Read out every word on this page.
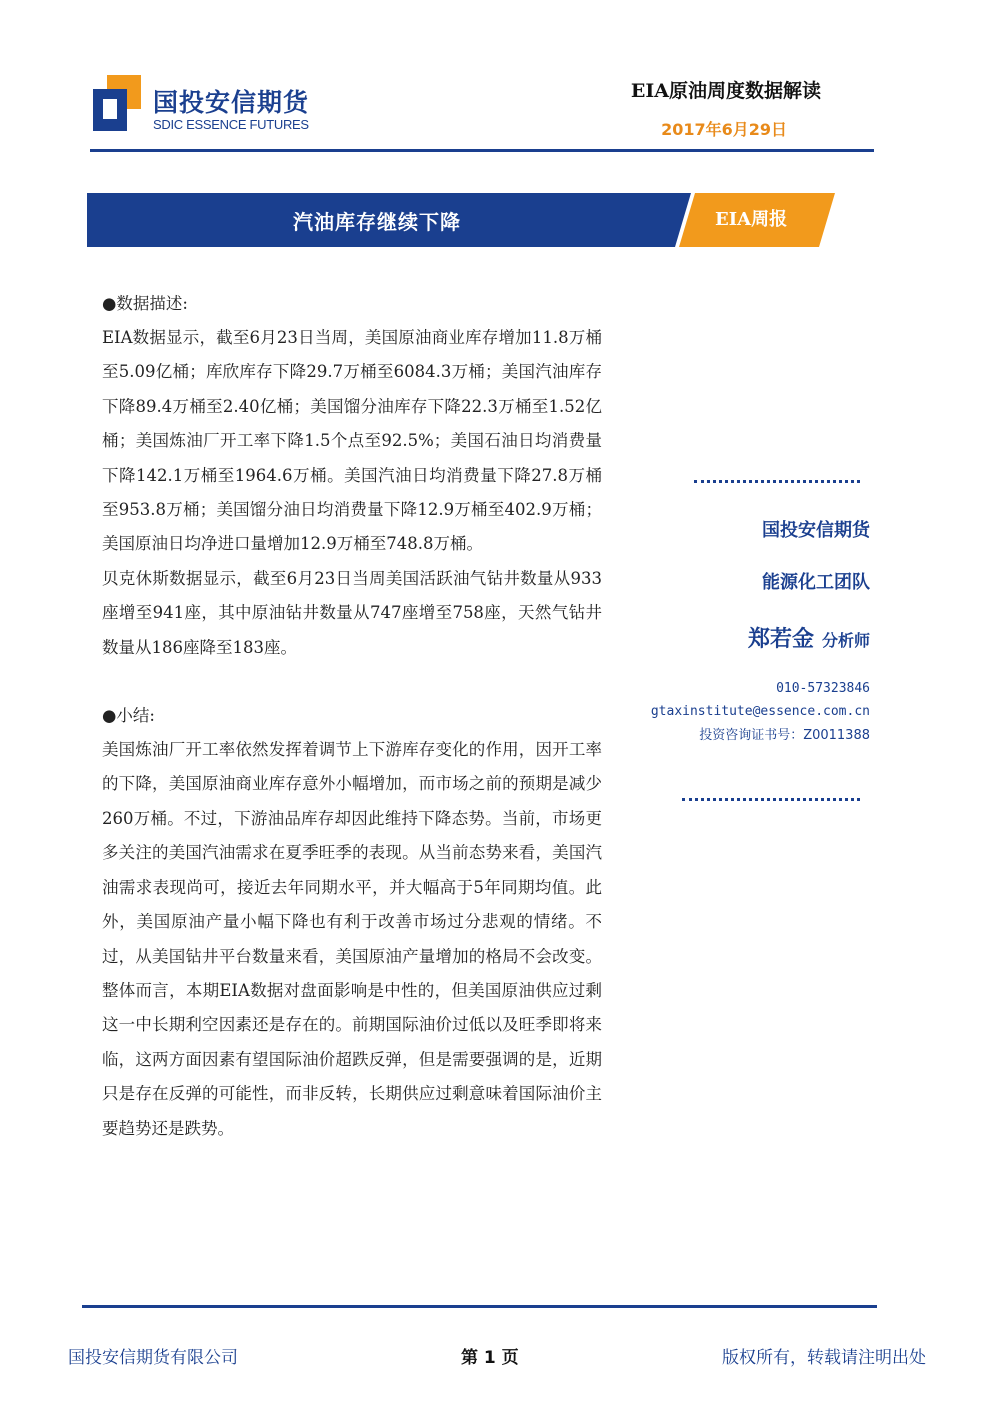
国投安信期货
SDIC ESSENCE FUTURES
EIA原油周度数据解读
2017年6月29日
汽油库存继续下降	EIA周报

●数据描述:

EIA数据显示，截至6月23日当周，美国原油商业库存增加11.8万桶至5.09亿桶；库欣库存下降29.7万桶至6084.3万桶；美国汽油库存下降89.4万桶至2.40亿桶；美国馏分油库存下降22.3万桶至1.52亿桶；美国炼油厂开工率下降1.5个点至92.5%；美国石油日均消费量下降142.1万桶至1964.6万桶。美国汽油日均消费量下降27.8万桶至953.8万桶；美国馏分油日均消费量下降12.9万桶至402.9万桶；美国原油日均净进口量增加12.9万桶至748.8万桶。

贝克休斯数据显示，截至6月23日当周美国活跃油气钻井数量从933座增至941座，其中原油钻井数量从747座增至758座，天然气钻井数量从186座降至183座。

●小结:

美国炼油厂开工率依然发挥着调节上下游库存变化的作用，因开工率的下降，美国原油商业库存意外小幅增加，而市场之前的预期是减少260万桶。不过，下游油品库存却因此维持下降态势。当前，市场更多关注的美国汽油需求在夏季旺季的表现。从当前态势来看，美国汽油需求表现尚可，接近去年同期水平，并大幅高于5年同期均值。此外，美国原油产量小幅下降也有利于改善市场过分悲观的情绪。不过，从美国钻井平台数量来看，美国原油产量增加的格局不会改变。整体而言，本期EIA数据对盘面影响是中性的，但美国原油供应过剩这一中长期利空因素还是存在的。前期国际油价过低以及旺季即将来临，这两方面因素有望国际油价超跌反弹，但是需要强调的是，近期只是存在反弹的可能性，而非反转，长期供应过剩意味着国际油价主要趋势还是跌势。

国投安信期货
能源化工团队
郑若金 分析师
010-57323846
gtaxinstitute@essence.com.cn
投资咨询证书号：Z0011388
国投安信期货有限公司	第 1 页	版权所有，转载请注明出处
